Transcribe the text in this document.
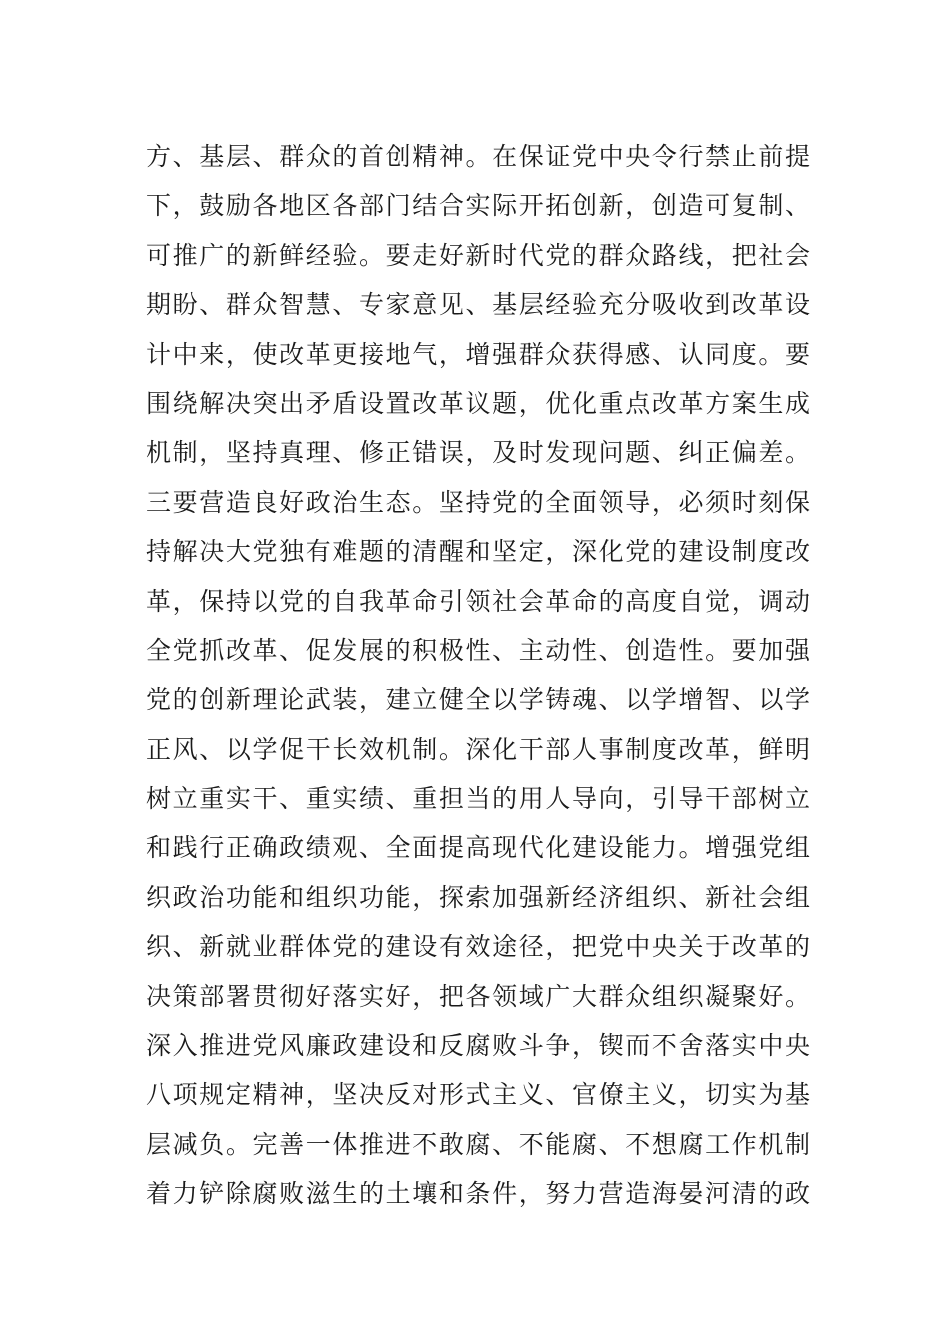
方、基层、群众的首创精神。在保证党中央令行禁止前提
下，鼓励各地区各部门结合实际开拓创新，创造可复制、
可推广的新鲜经验。要走好新时代党的群众路线，把社会
期盼、群众智慧、专家意见、基层经验充分吸收到改革设
计中来，使改革更接地气，增强群众获得感、认同度。要
围绕解决突出矛盾设置改革议题，优化重点改革方案生成
机制，坚持真理、修正错误，及时发现问题、纠正偏差。
三要营造良好政治生态。坚持党的全面领导，必须时刻保
持解决大党独有难题的清醒和坚定，深化党的建设制度改
革，保持以党的自我革命引领社会革命的高度自觉，调动
全党抓改革、促发展的积极性、主动性、创造性。要加强
党的创新理论武装，建立健全以学铸魂、以学增智、以学
正风、以学促干长效机制。深化干部人事制度改革，鲜明
树立重实干、重实绩、重担当的用人导向，引导干部树立
和践行正确政绩观、全面提高现代化建设能力。增强党组
织政治功能和组织功能，探索加强新经济组织、新社会组
织、新就业群体党的建设有效途径，把党中央关于改革的
决策部署贯彻好落实好，把各领域广大群众组织凝聚好。
深入推进党风廉政建设和反腐败斗争，锲而不舍落实中央
八项规定精神，坚决反对形式主义、官僚主义，切实为基
层减负。完善一体推进不敢腐、不能腐、不想腐工作机制
着力铲除腐败滋生的土壤和条件，努力营造海晏河清的政
